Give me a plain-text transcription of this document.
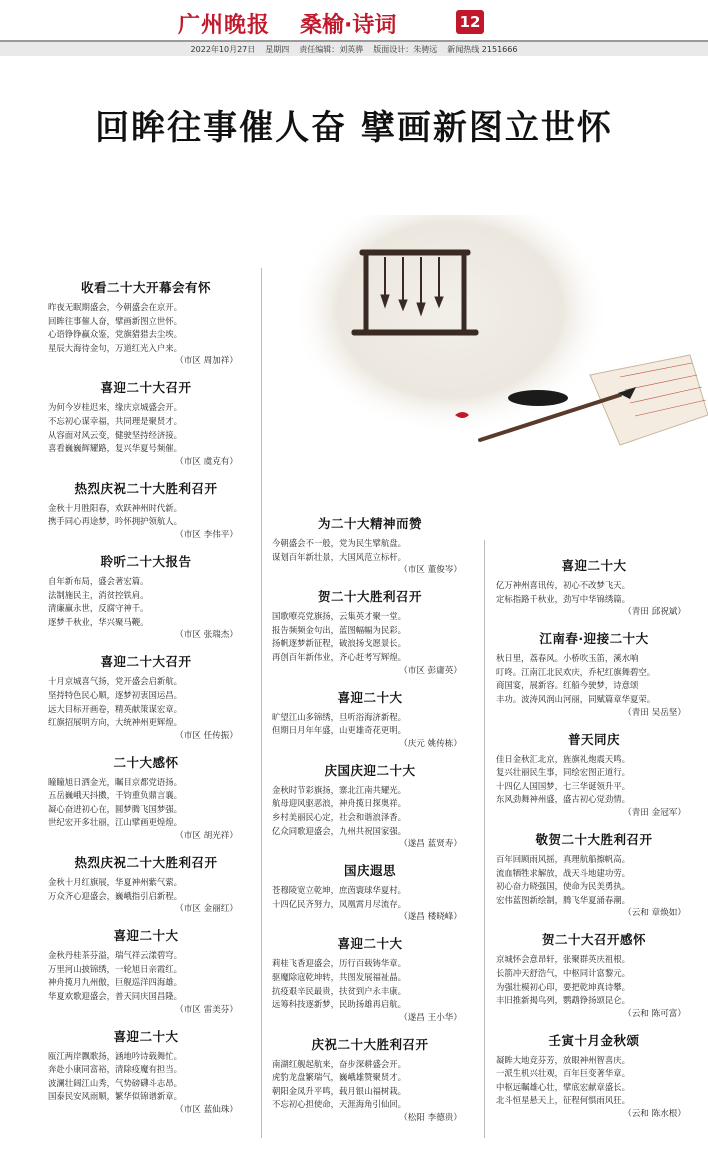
广州晚报 桑榆·诗词	12
2022年10月27日 星期四 责任编辑：刘英骅 版面设计：朱骋远 新闻热线 2151666
回眸往事催人奋 擘画新图立世怀
收看二十大开幕会有怀
昨夜无眠期盛会，今朝盛会在京开。
回眸往事催人奋，擘画新图立世怀。
心语铮铮赢众鉴，党旗猎猎去尘埃。
星辰大海待金句，万道红光入户来。
（市区 周加祥）
喜迎二十大召开
为何今岁桂迟来，缘庆京城盛会开。
不忘初心谋幸福，共同理是聚贤才。
从容面对风云变，健驶坚持经济接。
喜看巍巍辉耀路，复兴华夏号频催。
（市区 虞克有）
热烈庆祝二十大胜利召开
金秋十月胜阳春，欢跃神州时代新。
携手同心再途梦，吟怀拥护领航人。
（市区 李伟平）
聆听二十大报告
自年新布局，盛会著宏篇。
法制施民主，消贫控铁肩。
清廉赢永世，反腐守神千。
逐梦千秋业，华兴聚马鞭。
（市区 张瑞杰）
喜迎二十大召开
十月京城喜气扬，党开盛会启新航。
坚持特色民心顺，逐梦初衷国运昌。
远大目标开画卷，精英献策谋宏章。
红旗招展明方向，大统神州更辉煌。
（市区 任传振）
二十大感怀
瞳瞳旭日洒金光，瞩目京都党语扬。
五岳巍峨天抖擞，千钧重负鼎言襄。
凝心奋进初心在，圆梦腾飞国梦强。
世纪宏开多壮丽，江山擘画更煌煌。
（市区 胡光祥）
热烈庆祝二十大胜利召开
金秋十月红旗展，华夏神州紫气萦。
万众齐心迎盛会，巍峨指引启新程。
（市区 金丽红）
喜迎二十大
金秋丹桂茶芬溢，瑞气祥云漾碧穹。
万里河山披锦绣，一轮旭日亲霞红。
神舟揽月九州傲，巨舰巡洋四海雄。
华夏欢歌迎盛会，普天同庆国昌隆。
（市区 雷美芬）
喜迎二十大
瓯江两岸飘歌扬，涵地吟诗载舞忙。
奔赴小康同富裕，清除疫魔有担当。
波澜壮阔江山秀，气势磅礴斗志昂。
国泰民安风雨顺，繁华似锦谱新章。
（市区 蓝仙珠）
为二十大精神而赞
今朝盛会不一般，党为民生擘航盘。
谋划百年新壮景，大国风范立标杆。
（市区 董俊岑）
贺二十大胜利召开
国歌嘹亮党旗扬，云集英才聚一堂。
报告频频金句出，蓝图幅幅为民彩。
扬帆逐梦新征程，破浪扬戈愿景长。
再创百年新伟业，齐心赶考写辉煌。
（市区 彭庸英）
喜迎二十大
旷望江山多锦绣，旦听浴海济新程。
但期日月年年盛，山更雄奇花更明。
（庆元 姚传栋）
庆国庆迎二十大
金秋时节彩旗扬，寨北江南共耀光。
航母迎风驱恶浪，神舟揽日探奥祥。
乡村美丽民心定，社会和谐浪泽香。
亿众同歌迎盛会，九州共祝国家强。
（遂昌 蓝贤寿）
国庆遐思
苍穆陵宽立乾坤，庶茵寰球华夏村。
十四亿民齐努力，凤凰霄月尽流存。
（遂昌 楼晓峰）
喜迎二十大
莉桂飞香迎盛会，历行百载铸华章。
驱魔除寇乾坤转，共图发展福祉晶。
抗疫艰辛民最贵，扶贫到户永丰康。
远筹科技逐新梦，民助扬雄再启航。
（遂昌 王小华）
庆祝二十大胜利召开
南湖红舰起航来，奋步深耕盛会开。
虎豹龙盘繁瑞气，巍峨雄赞聚贤才。
朝阳金凤升平鸣，载月银山福树栽。
不忘初心担使命，天涯海角引仙回。
（松阳 李德贵）
喜迎二十大
亿万神州喜讯传，初心不改梦飞天。
定标指路千秋业，劲写中华锦绣篇。
（青田 邱祝斌）
江南春·迎接二十大
秋日里，荔春风。小桥吹玉笛，溪水响
叮咚。江南江北民欢庆，乔杞红旗舞碧空。
商国宴，展新容。红船今驶梦，诗意颂
丰功。波涛风润山河丽，同赋篇章华夏荣。
（青田 吴岳坚）
普天同庆
佳日金秋汇北京，旌旗礼炮震天鸣。
复兴壮丽民生事，同绘宏图正道行。
十四亿人国国梦，七三华诞领升平。
东风劲舞神州盛，盛古初心觉劲情。
（青田 金冠军）
敬贺二十大胜利召开
百年回顾雨风摇，真理航船擦帆高。
流血牺牲求解放，战天斗地建功劳。
初心奋力晓强国，使命为民美勇执。
宏伟蓝图新绘制，腾飞华夏涌春潮。
（云和 章焕如）
贺二十大召开感怀
京城怀会意昂轩，张聚群英庆祖根。
长箭冲天舒浩气，中枢同计富黎元。
为强壮模初心印，要把乾坤真诗攀。
丰旧推新揭鸟列，鹦鹉铮扬颂昆仑。
（云和 陈可富）
壬寅十月金秋颂
凝眸大地竞芬芳，放眼神州智喜庆。
一派生机兴壮观，百年巨变著华章。
中枢远瞩雄心壮，擘底宏献章盛长。
北斗恒星悬天上，征程何惧雨风狂。
（云和 陈水根）
